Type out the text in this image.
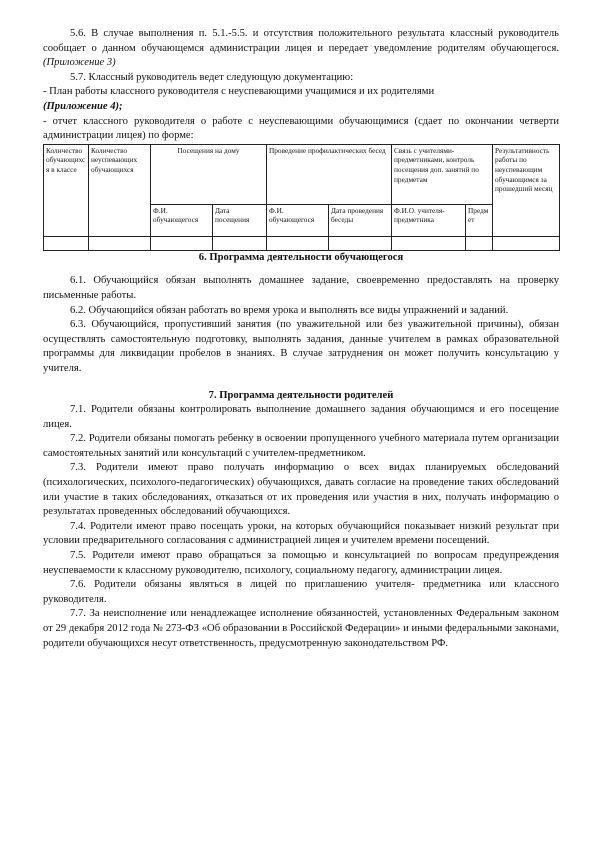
5.6. В случае выполнения п. 5.1.-5.5. и отсутствия положительного результата классный руководитель сообщает о данном обучающемся администрации лицея и передает уведомление родителям обучающегося.(Приложение 3)

5.7. Классный руководитель ведет следующую документацию:

- План работы классного руководителя с неуспевающими учащимися и их родителями

(Приложение 4);

- отчет классного руководителя о работе с неуспевающими обучающимися (сдает по окончании четверти администрации лицея) по форме:

Количество обучающихся в классе	Количество неуспевающих обучающихся	Посещения на дому		Проведение профилактических бесед		Связь с учителями-предметниками, контроль посещения доп. занятий по предметам		Результативность работы по неуспевающим обучающимся за прошедший месяц
		Ф.И. обучающегося	Дата посещения	Ф.И. обучающегося	Дата проведения беседы	Ф.И.О. учителя-предметника	Предмет	

6. Программа деятельности обучающегося

6.1. Обучающийся обязан выполнять домашнее задание, своевременно предоставлять на проверку письменные работы.

6.2. Обучающийся обязан работать во время урока и выполнять все виды упражнений и заданий.

6.3. Обучающийся, пропустивший занятия (по уважительной или без уважительной причины), обязан осуществлять самостоятельную подготовку, выполнять задания, данные учителем в рамках образовательной программы для ликвидации пробелов в знаниях. В случае затруднения он может получить консультацию у учителя.

7. Программа деятельности родителей

7.1. Родители обязаны контролировать выполнение домашнего задания обучающимся и его посещение лицея.

7.2. Родители обязаны помогать ребенку в освоении пропущенного учебного материала путем организации самостоятельных занятий или консультаций с учителем-предметником.

7.3. Родители имеют право получать информацию о всех видах планируемых обследований (психологических, психолого-педагогических) обучающихся, давать согласие на проведение таких обследований или участие в таких обследованиях, отказаться от их проведения или участия в них, получать информацию о результатах проведенных обследований обучающихся.

7.4. Родители имеют право посещать уроки, на которых обучающийся показывает низкий результат при условии предварительного согласования с администрацией лицея и учителем времени посещений.

7.5. Родители имеют право обращаться за помощью и консультацией по вопросам предупреждения неуспеваемости к классному руководителю, психологу, социальному педагогу, администрации лицея.

7.6. Родители обязаны являться в лицей по приглашению учителя- предметника или классного руководителя.

7.7. За неисполнение или ненадлежащее исполнение обязанностей, установленных Федеральным законом от 29 декабря 2012 года № 273-ФЗ «Об образовании в Российской Федерации» и иными федеральными законами, родители обучающихся несут ответственность, предусмотренную законодательством РФ.
